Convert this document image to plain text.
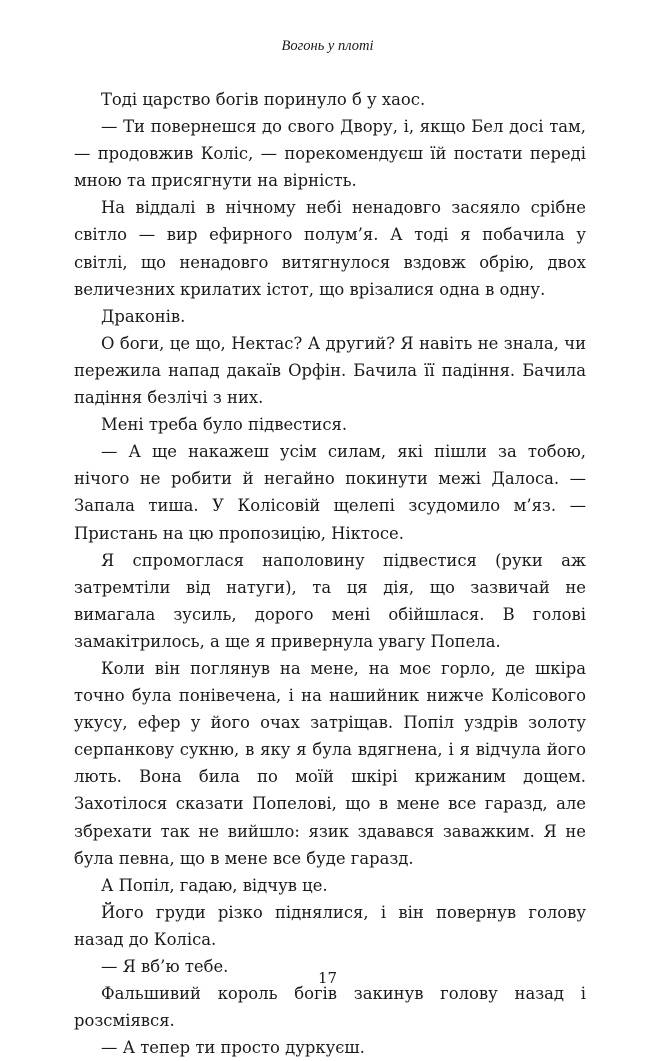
Вогонь у плоті

Тоді царство богів поринуло б у хаос.

— Ти повернешся до свого Двору, і, якщо Бел досі там, — продовжив Коліс, — порекомендуєш їй постати переді мною та присягнути на вірність.

На віддалі в нічному небі ненадовго засяяло срібне світло — вир ефирного полум’я. А тоді я побачила у світлі, що ненадовго витягнулося вздовж обрію, двох величезних крилатих істот, що врізалися одна в одну.

Драконів.

О боги, це що, Нектас? А другий? Я навіть не знала, чи пережила напад дакаїв Орфін. Бачила її падіння. Бачила падіння безлічі з них.

Мені треба було підвестися.

— А ще накажеш усім силам, які пішли за тобою, нічого не робити й негайно покинути межі Далоса. — Запала тиша. У Колісовій щелепі зсудомило м’яз. — Пристань на цю пропозицію, Ніктосе.

Я спромоглася наполовину підвестися (руки аж затремтіли від натуги), та ця дія, що зазвичай не вимагала зусиль, дорого мені обійшлася. В голові замакітрилось, а ще я привернула увагу Попела.

Коли він поглянув на мене, на моє горло, де шкіра точно була понівечена, і на нашийник нижче Колісового укусу, ефер у його очах затріщав. Попіл уздрів золоту серпанкову сукню, в яку я була вдягнена, і я відчула його лють. Вона била по моїй шкірі крижаним дощем. Захотілося сказати Попелові, що в мене все гаразд, але збрехати так не вийшло: язик здавався заважким. Я не була певна, що в мене все буде гаразд.

А Попіл, гадаю, відчув це.

Його груди різко піднялися, і він повернув голову назад до Коліса.

— Я вб’ю тебе.

Фальшивий король богів закинув голову назад і розсміявся.

— А тепер ти просто дуркуєш.

17
